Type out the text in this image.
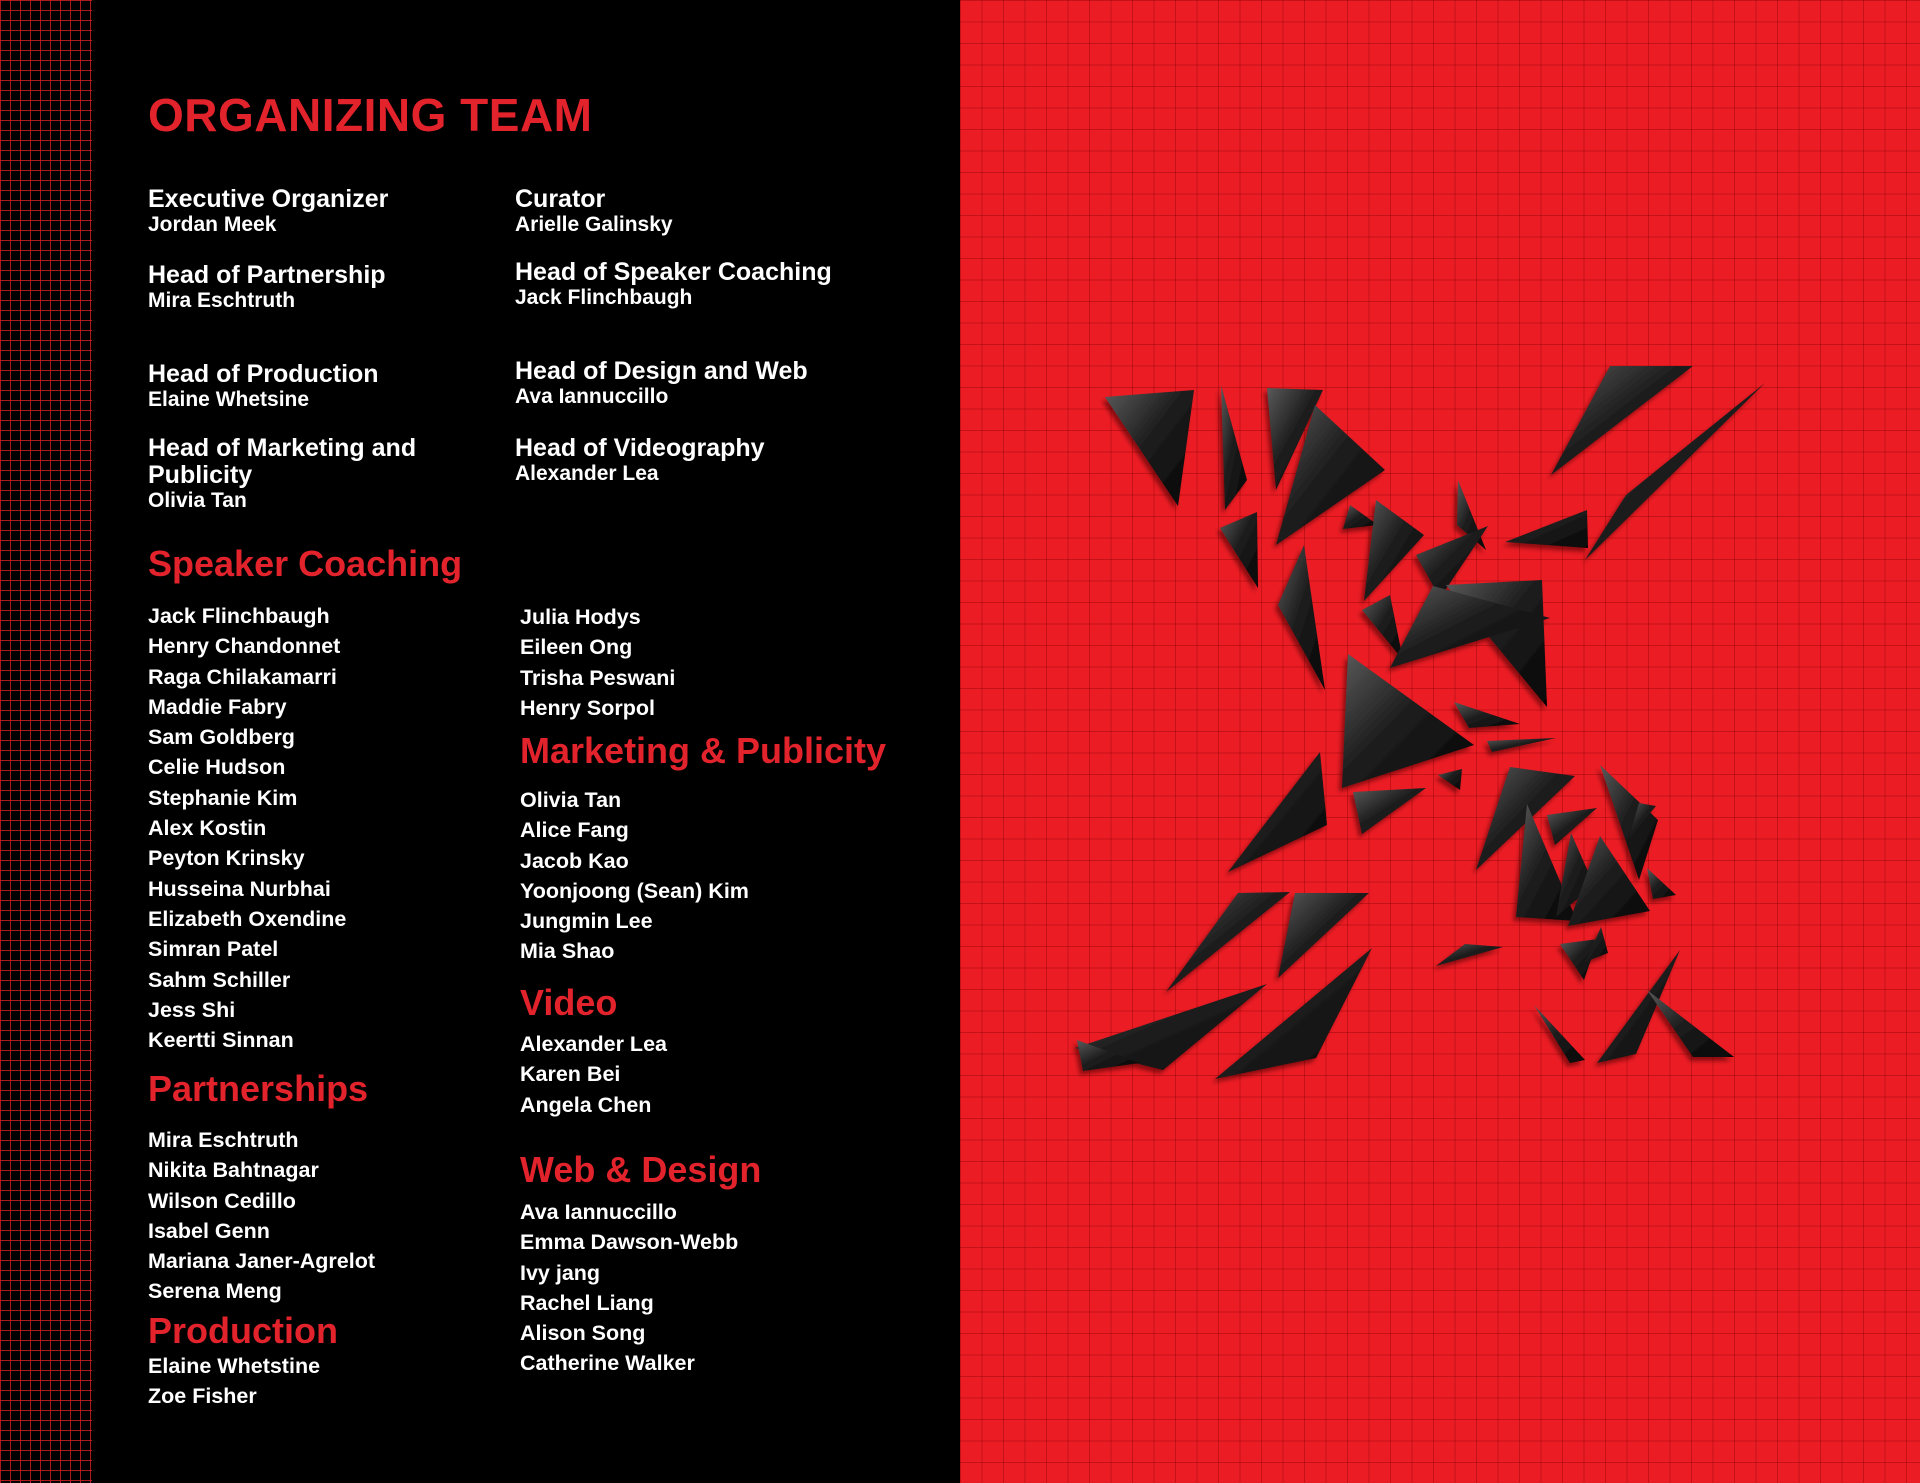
ORGANIZING TEAM
Executive Organizer
Jordan Meek
Head of Partnership
Mira Eschtruth
Head of Production
Elaine Whetsine
Head of Marketing and
Publicity
Olivia Tan
Curator
Arielle Galinsky
Head of Speaker Coaching
Jack Flinchbaugh
Head of Design and Web
Ava Iannuccillo
Head of Videography
Alexander Lea
Speaker Coaching
Jack Flinchbaugh
Henry Chandonnet
Raga Chilakamarri
Maddie Fabry
Sam Goldberg
Celie Hudson
Stephanie Kim
Alex Kostin
Peyton Krinsky
Husseina Nurbhai
Elizabeth Oxendine
Simran Patel
Sahm Schiller
Jess Shi
Keertti Sinnan
Julia Hodys
Eileen Ong
Trisha Peswani
Henry Sorpol
Partnerships
Mira Eschtruth
Nikita Bahtnagar
Wilson Cedillo
Isabel Genn
Mariana Janer-Agrelot
Serena Meng
Production
Elaine Whetstine
Zoe Fisher
Marketing & Publicity
Olivia Tan
Alice Fang
Jacob Kao
Yoonjoong (Sean) Kim
Jungmin Lee
Mia Shao
Video
Alexander Lea
Karen Bei
Angela Chen
Web & Design
Ava Iannuccillo
Emma Dawson-Webb
Ivy jang
Rachel Liang
Alison Song
Catherine Walker
